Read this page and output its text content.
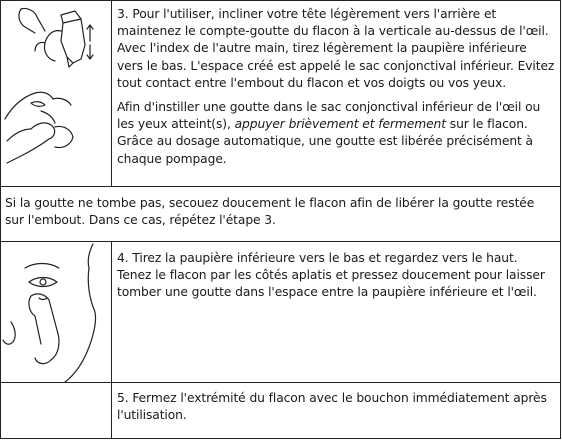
3. Pour l'utiliser, incliner votre tête légèrement vers l'arrière et maintenez le compte-goutte du flacon à la verticale au-dessus de l'œil. Avec l'index de l'autre main, tirez légèrement la paupière inférieure vers le bas. L'espace créé est appelé le sac conjonctival inférieur. Evitez tout contact entre l'embout du flacon et vos doigts ou vos yeux.

Afin d'instiller une goutte dans le sac conjonctival inférieur de l'œil ou les yeux atteint(s), appuyer brièvement et fermement sur le flacon. Grâce au dosage automatique, une goutte est libérée précisément à chaque pompage.

Si la goutte ne tombe pas, secouez doucement le flacon afin de libérer la goutte restée sur l'embout. Dans ce cas, répétez l'étape 3.
4. Tirez la paupière inférieure vers le bas et regardez vers le haut. Tenez le flacon par les côtés aplatis et pressez doucement pour laisser tomber une goutte dans l'espace entre la paupière inférieure et l'œil.
5. Fermez l'extrémité du flacon avec le bouchon immédiatement après l'utilisation.
